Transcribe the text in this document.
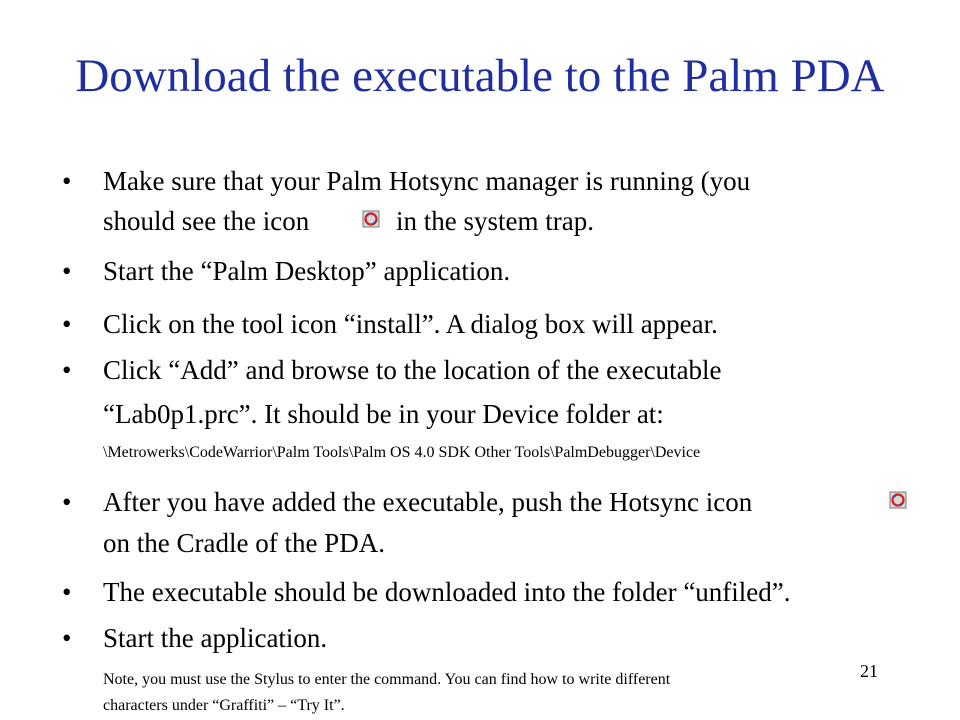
Download the executable to the Palm PDA
• Make sure that your Palm Hotsync manager is running (you
should see the icon	in the system trap.
• Start the “Palm Desktop” application.
• Click on the tool icon “install”. A dialog box will appear.
• Click “Add” and browse to the location of the executable
“Lab0p1.prc”. It should be in your Device folder at:
\Metrowerks\CodeWarrior\Palm Tools\Palm OS 4.0 SDK Other Tools\PalmDebugger\Device
• After you have added the executable, push the Hotsync icon
on the Cradle of the PDA.
• The executable should be downloaded into the folder “unfiled”.
• Start the application.
Note, you must use the Stylus to enter the command. You can find how to write different
characters under “Graffiti” – “Try It”.
21
